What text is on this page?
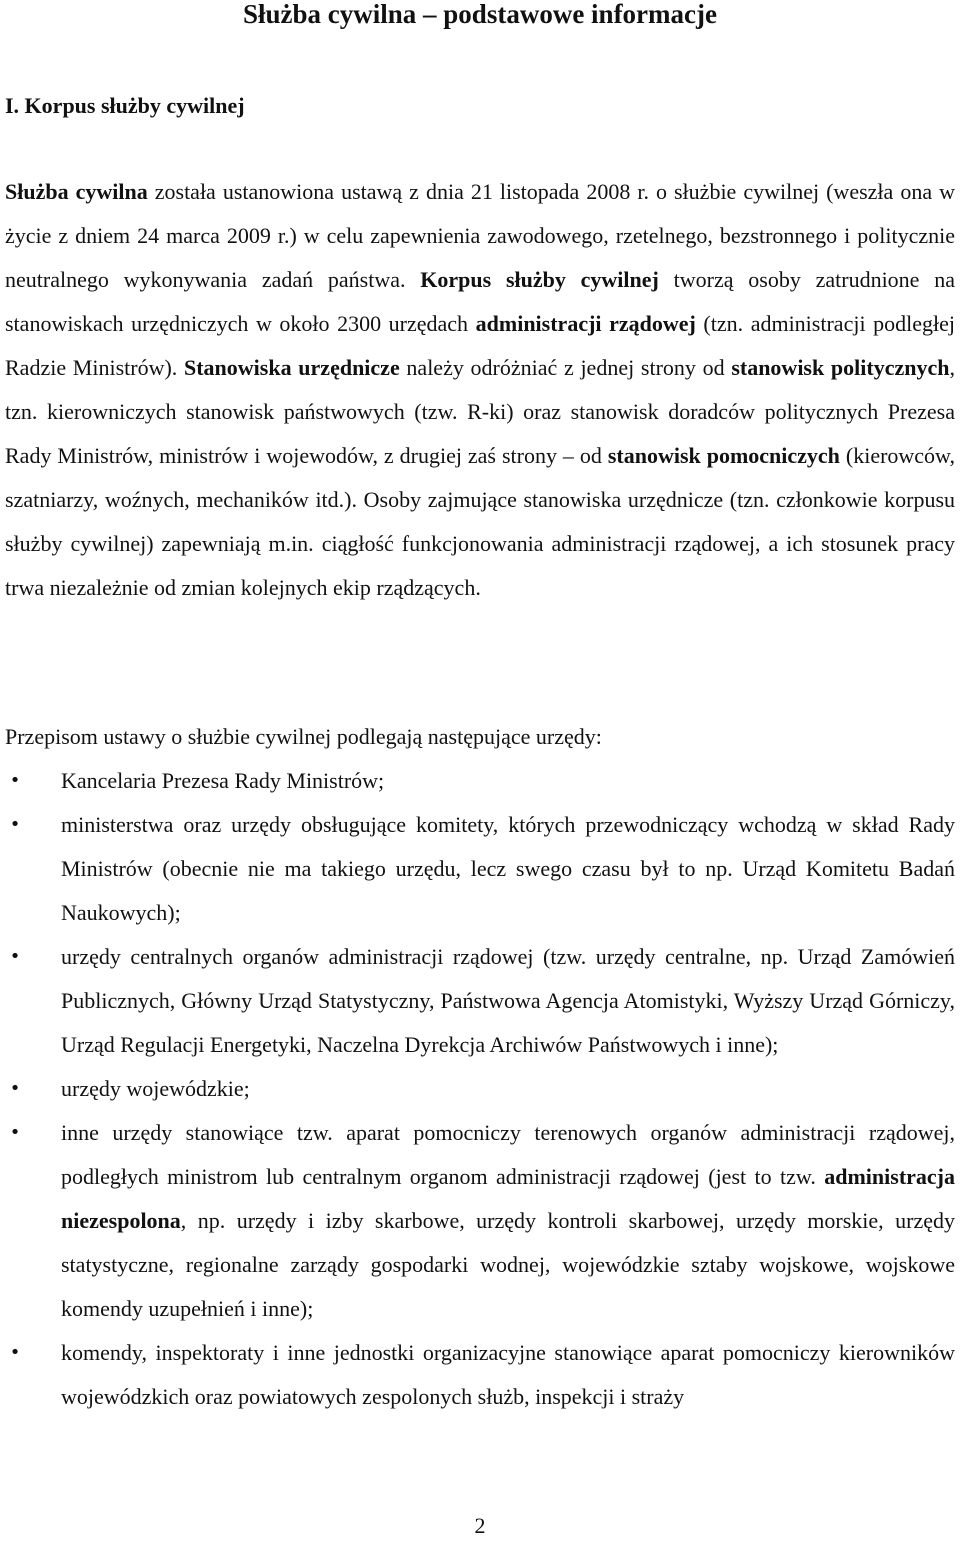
Służba cywilna – podstawowe informacje
I. Korpus służby cywilnej

Służba cywilna została ustanowiona ustawą z dnia 21 listopada 2008 r. o służbie cywilnej (weszła ona w życie z dniem 24 marca 2009 r.) w celu zapewnienia zawodowego, rzetelnego, bezstronnego i politycznie neutralnego wykonywania zadań państwa. Korpus służby cywilnej tworzą osoby zatrudnione na stanowiskach urzędniczych w około 2300 urzędach administracji rządowej (tzn. administracji podległej Radzie Ministrów). Stanowiska urzędnicze należy odróżniać z jednej strony od stanowisk politycznych, tzn. kierowniczych stanowisk państwowych (tzw. R-ki) oraz stanowisk doradców politycznych Prezesa Rady Ministrów, ministrów i wojewodów, z drugiej zaś strony – od stanowisk pomocniczych (kierowców, szatniarzy, woźnych, mechaników itd.). Osoby zajmujące stanowiska urzędnicze (tzn. członkowie korpusu służby cywilnej) zapewniają m.in. ciągłość funkcjonowania administracji rządowej, a ich stosunek pracy trwa niezależnie od zmian kolejnych ekip rządzących.

Przepisom ustawy o służbie cywilnej podlegają następujące urzędy:

• Kancelaria Prezesa Rady Ministrów;
• ministerstwa oraz urzędy obsługujące komitety, których przewodniczący wchodzą w skład Rady Ministrów (obecnie nie ma takiego urzędu, lecz swego czasu był to np. Urząd Komitetu Badań Naukowych);
• urzędy centralnych organów administracji rządowej (tzw. urzędy centralne, np. Urząd Zamówień Publicznych, Główny Urząd Statystyczny, Państwowa Agencja Atomistyki, Wyższy Urząd Górniczy, Urząd Regulacji Energetyki, Naczelna Dyrekcja Archiwów Państwowych i inne);
• urzędy wojewódzkie;
• inne urzędy stanowiące tzw. aparat pomocniczy terenowych organów administracji rządowej, podległych ministrom lub centralnym organom administracji rządowej (jest to tzw. administracja niezespolona, np. urzędy i izby skarbowe, urzędy kontroli skarbowej, urzędy morskie, urzędy statystyczne, regionalne zarządy gospodarki wodnej, wojewódzkie sztaby wojskowe, wojskowe komendy uzupełnień i inne);
• komendy, inspektoraty i inne jednostki organizacyjne stanowiące aparat pomocniczy kierowników wojewódzkich oraz powiatowych zespolonych służb, inspekcji i straży
2
